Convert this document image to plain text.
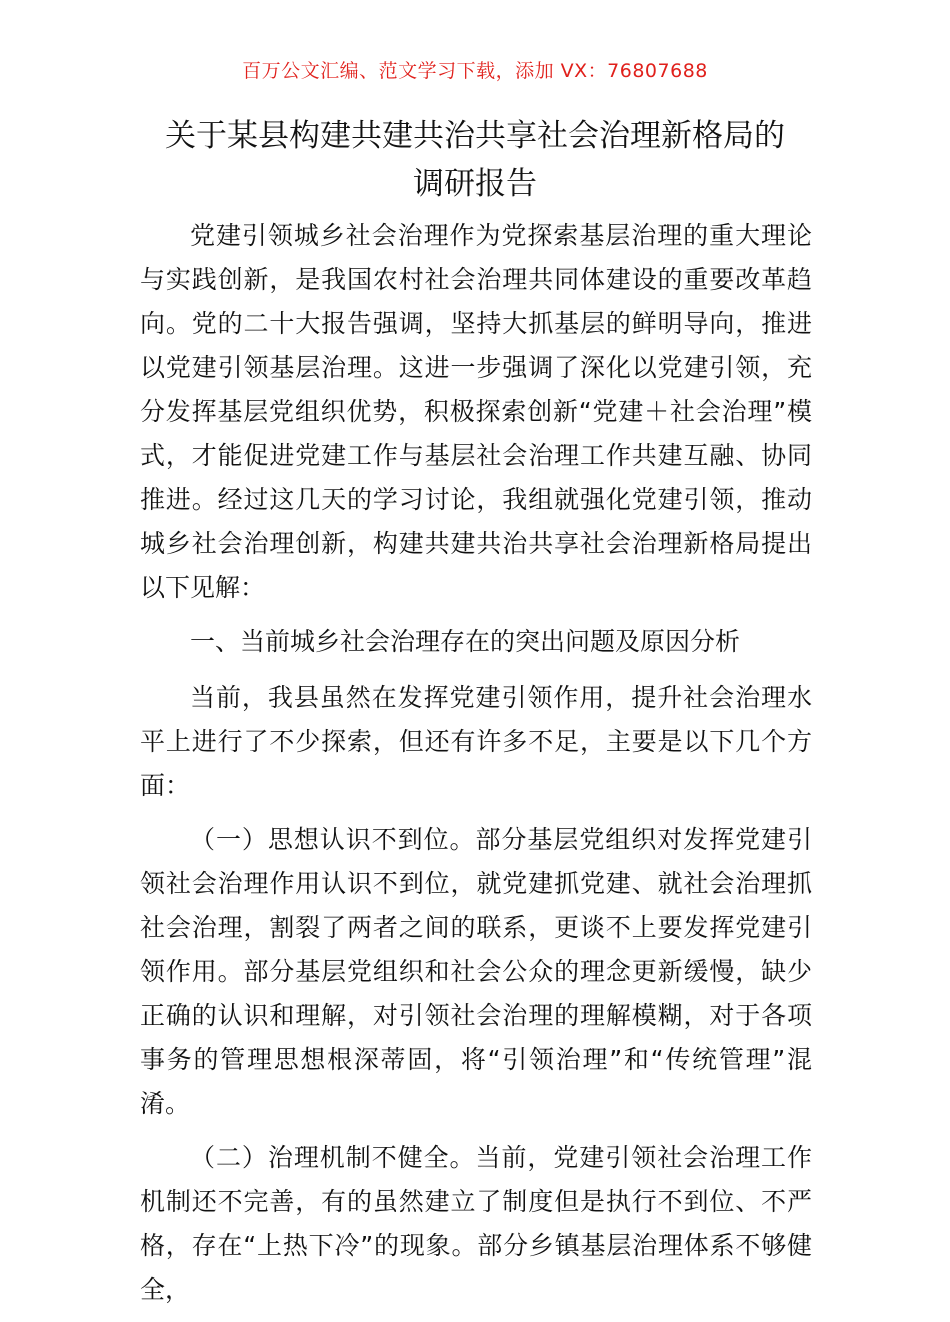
百万公文汇编、范文学习下载，添加 VX：76807688
关于某县构建共建共治共享社会治理新格局的
调研报告

党建引领城乡社会治理作为党探索基层治理的重大理论与实践创新，是我国农村社会治理共同体建设的重要改革趋向。党的二十大报告强调，坚持大抓基层的鲜明导向，推进以党建引领基层治理。这进一步强调了深化以党建引领，充分发挥基层党组织优势，积极探索创新“党建＋社会治理”模式，才能促进党建工作与基层社会治理工作共建互融、协同推进。经过这几天的学习讨论，我组就强化党建引领，推动城乡社会治理创新，构建共建共治共享社会治理新格局提出以下见解：

一、当前城乡社会治理存在的突出问题及原因分析

当前，我县虽然在发挥党建引领作用，提升社会治理水平上进行了不少探索，但还有许多不足，主要是以下几个方面：

（一）思想认识不到位。部分基层党组织对发挥党建引领社会治理作用认识不到位，就党建抓党建、就社会治理抓社会治理，割裂了两者之间的联系，更谈不上要发挥党建引领作用。部分基层党组织和社会公众的理念更新缓慢，缺少正确的认识和理解，对引领社会治理的理解模糊，对于各项事务的管理思想根深蒂固，将“引领治理”和“传统管理”混淆。

（二）治理机制不健全。当前，党建引领社会治理工作机制还不完善，有的虽然建立了制度但是执行不到位、不严格，存在“上热下冷”的现象。部分乡镇基层治理体系不够健全，
